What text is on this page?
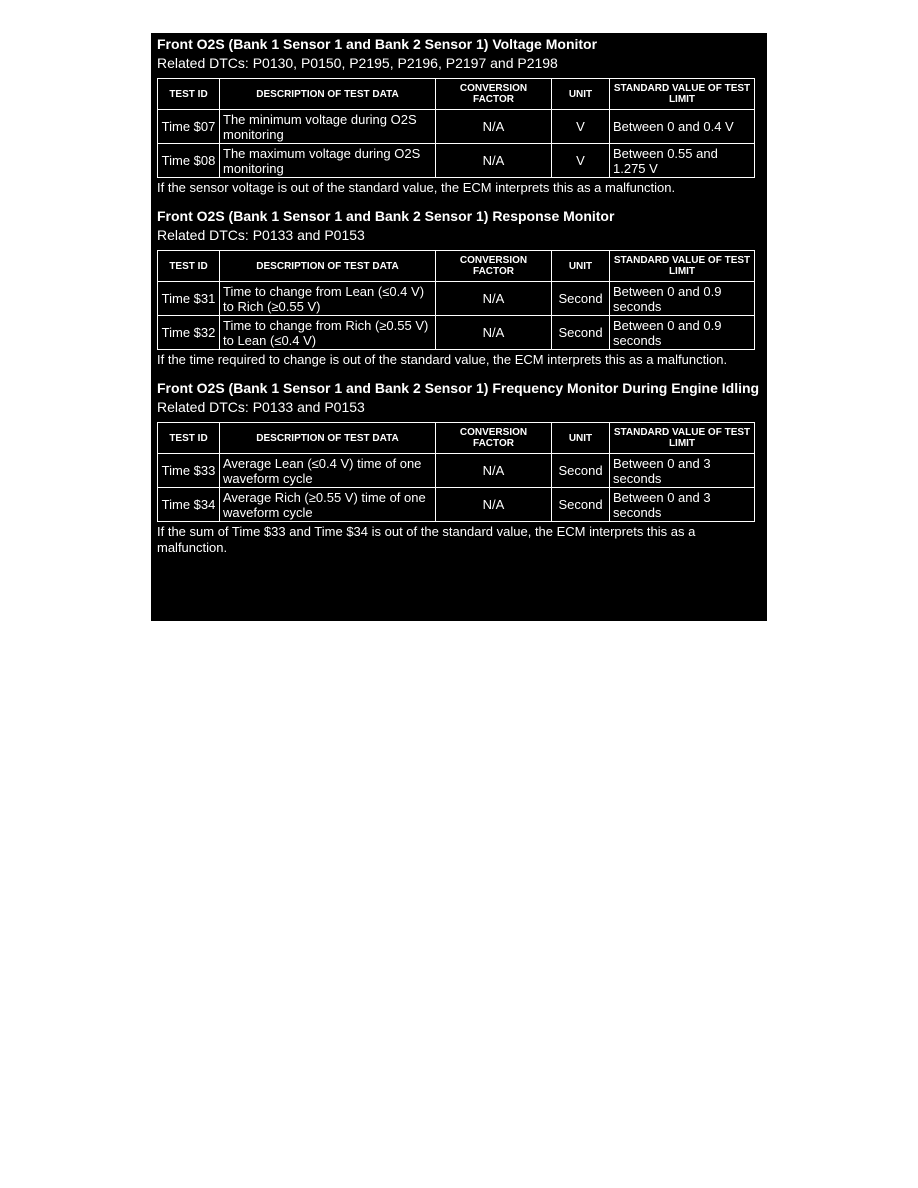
Front O2S (Bank 1 Sensor 1 and Bank 2 Sensor 1) Voltage Monitor
Related DTCs: P0130, P0150, P2195, P2196, P2197 and P2198
TEST ID	DESCRIPTION OF TEST DATA	CONVERSION FACTOR	UNIT	STANDARD VALUE OF TEST LIMIT
Time $07	The minimum voltage during O2S monitoring	N/A	V	Between 0 and 0.4 V
Time $08	The maximum voltage during O2S monitoring	N/A	V	Between 0.55 and 1.275 V
If the sensor voltage is out of the standard value, the ECM interprets this as a malfunction.
Front O2S (Bank 1 Sensor 1 and Bank 2 Sensor 1) Response Monitor
Related DTCs: P0133 and P0153
TEST ID	DESCRIPTION OF TEST DATA	CONVERSION FACTOR	UNIT	STANDARD VALUE OF TEST LIMIT
Time $31	Time to change from Lean (≤0.4 V) to Rich (≥0.55 V)	N/A	Second	Between 0 and 0.9 seconds
Time $32	Time to change from Rich (≥0.55 V) to Lean (≤0.4 V)	N/A	Second	Between 0 and 0.9 seconds
If the time required to change is out of the standard value, the ECM interprets this as a malfunction.
Front O2S (Bank 1 Sensor 1 and Bank 2 Sensor 1) Frequency Monitor During Engine Idling
Related DTCs: P0133 and P0153
TEST ID	DESCRIPTION OF TEST DATA	CONVERSION FACTOR	UNIT	STANDARD VALUE OF TEST LIMIT
Time $33	Average Lean (≤0.4 V) time of one waveform cycle	N/A	Second	Between 0 and 3 seconds
Time $34	Average Rich (≥0.55 V) time of one waveform cycle	N/A	Second	Between 0 and 3 seconds
If the sum of Time $33 and Time $34 is out of the standard value, the ECM interprets this as a malfunction.
